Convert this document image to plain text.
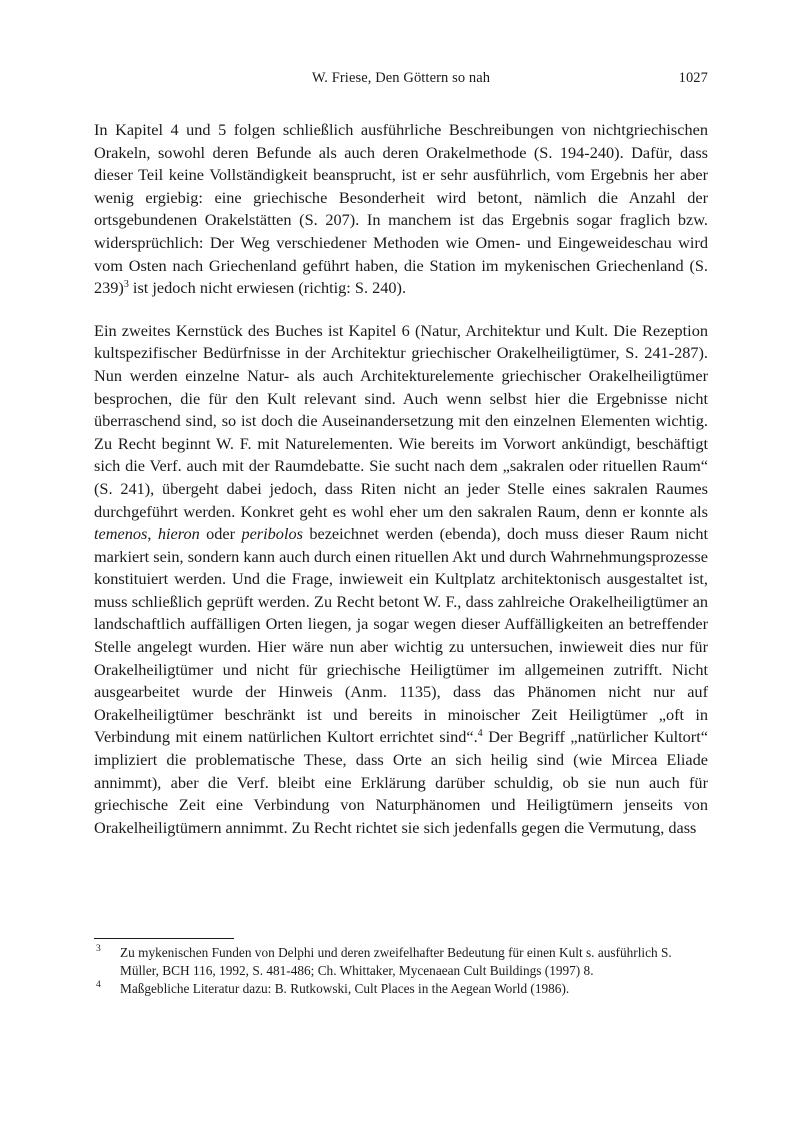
W. Friese, Den Göttern so nah	1027

In Kapitel 4 und 5 folgen schließlich ausführliche Beschreibungen von nichtgriechischen Orakeln, sowohl deren Befunde als auch deren Orakelmethode (S. 194-240). Dafür, dass dieser Teil keine Vollständigkeit beansprucht, ist er sehr ausführlich, vom Ergebnis her aber wenig ergiebig: eine griechische Besonderheit wird betont, nämlich die Anzahl der ortsgebundenen Orakelstätten (S. 207). In manchem ist das Ergebnis sogar fraglich bzw. widersprüchlich: Der Weg verschiedener Methoden wie Omen- und Eingeweideschau wird vom Osten nach Griechenland geführt haben, die Station im mykenischen Griechenland (S. 239)$^3$ ist jedoch nicht erwiesen (richtig: S. 240).

Ein zweites Kernstück des Buches ist Kapitel 6 (Natur, Architektur und Kult. Die Rezeption kultspezifischer Bedürfnisse in der Architektur griechischer Orakelheiligtümer, S. 241-287). Nun werden einzelne Natur- als auch Architekturelemente griechischer Orakelheiligtümer besprochen, die für den Kult relevant sind. Auch wenn selbst hier die Ergebnisse nicht überraschend sind, so ist doch die Auseinandersetzung mit den einzelnen Elementen wichtig. Zu Recht beginnt W. F. mit Naturelementen. Wie bereits im Vorwort ankündigt, beschäftigt sich die Verf. auch mit der Raumdebatte. Sie sucht nach dem „sakralen oder rituellen Raum“ (S. 241), übergeht dabei jedoch, dass Riten nicht an jeder Stelle eines sakralen Raumes durchgeführt werden. Konkret geht es wohl eher um den sakralen Raum, denn er konnte als temenos, hieron oder peribolos bezeichnet werden (ebenda), doch muss dieser Raum nicht markiert sein, sondern kann auch durch einen rituellen Akt und durch Wahrnehmungsprozesse konstituiert werden. Und die Frage, inwieweit ein Kultplatz architektonisch ausgestaltet ist, muss schließlich geprüft werden. Zu Recht betont W. F., dass zahlreiche Orakelheiligtümer an landschaftlich auffälligen Orten liegen, ja sogar wegen dieser Auffälligkeiten an betreffender Stelle angelegt wurden. Hier wäre nun aber wichtig zu untersuchen, inwieweit dies nur für Orakelheiligtümer und nicht für griechische Heiligtümer im allgemeinen zutrifft. Nicht ausgearbeitet wurde der Hinweis (Anm. 1135), dass das Phänomen nicht nur auf Orakelheiligtümer beschränkt ist und bereits in minoischer Zeit Heiligtümer „oft in Verbindung mit einem natürlichen Kultort errichtet sind“.$^4$ Der Begriff „natürlicher Kultort“ impliziert die problematische These, dass Orte an sich heilig sind (wie Mircea Eliade annimmt), aber die Verf. bleibt eine Erklärung darüber schuldig, ob sie nun auch für griechische Zeit eine Verbindung von Naturphänomen und Heiligtümern jenseits von Orakelheiligtümern annimmt. Zu Recht richtet sie sich jedenfalls gegen die Vermutung, dass

3 Zu mykenischen Funden von Delphi und deren zweifelhafter Bedeutung für einen Kult s. ausführlich S. Müller, BCH 116, 1992, S. 481-486; Ch. Whittaker, Mycenaean Cult Buildings (1997) 8.
4 Maßgebliche Literatur dazu: B. Rutkowski, Cult Places in the Aegean World (1986).
